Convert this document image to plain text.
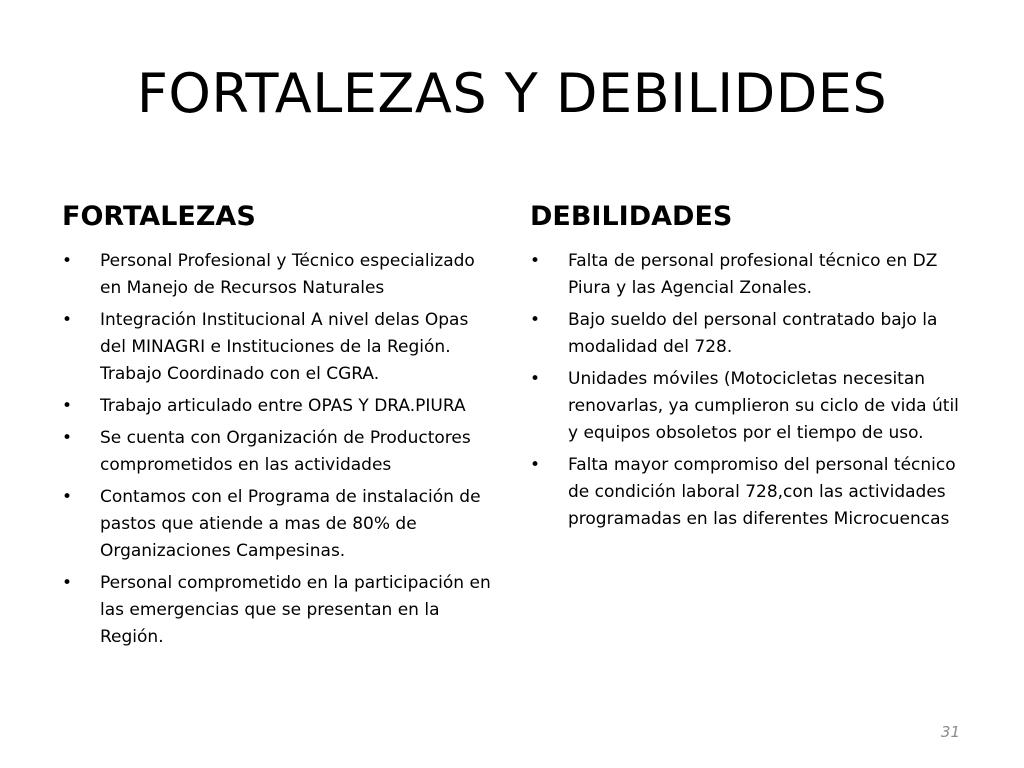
FORTALEZAS Y DEBILIDDES
FORTALEZAS
• Personal Profesional y Técnico especializado en Manejo de Recursos Naturales
• Integración Institucional A nivel delas Opas del MINAGRI e Instituciones de la Región. Trabajo Coordinado con el CGRA.
• Trabajo articulado entre OPAS Y DRA.PIURA
• Se cuenta con Organización de Productores comprometidos en las actividades
• Contamos con el Programa de instalación de pastos que atiende a mas de 80% de Organizaciones Campesinas.
• Personal comprometido en la participación en las emergencias que se presentan en la Región.
DEBILIDADES
• Falta de personal profesional técnico en DZ Piura y las Agencial Zonales.
• Bajo sueldo del personal contratado bajo la modalidad del 728.
• Unidades móviles (Motocicletas necesitan renovarlas, ya cumplieron su ciclo de vida útil y equipos obsoletos por el tiempo de uso.
• Falta mayor compromiso del personal técnico de condición laboral 728,con las actividades programadas en las diferentes Microcuencas
31
